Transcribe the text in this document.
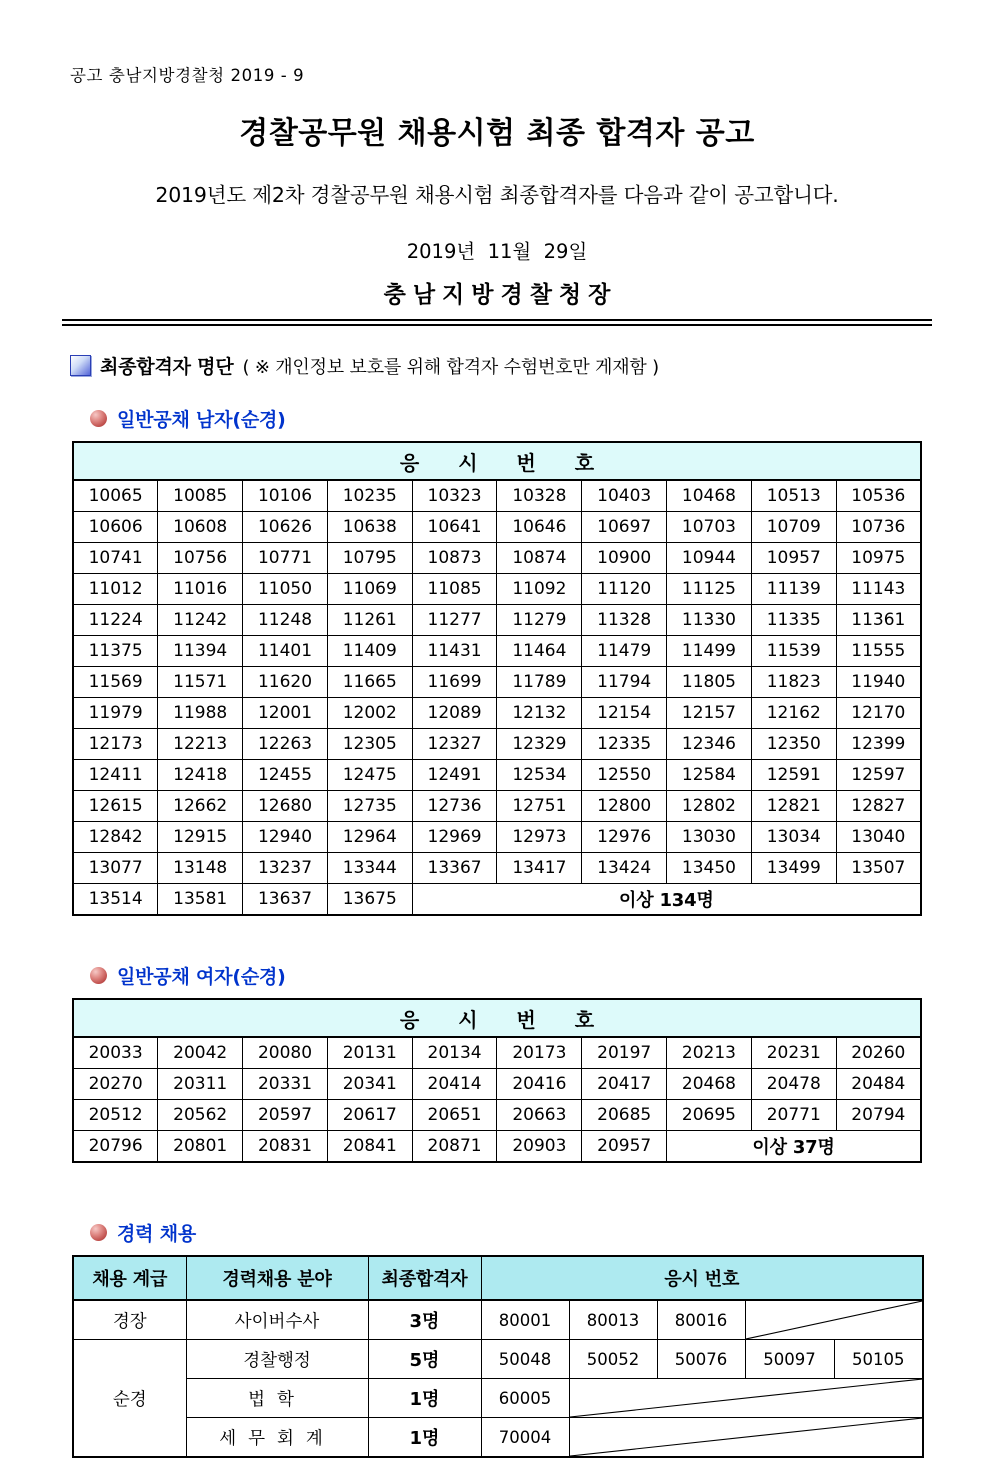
공고 충남지방경찰청 2019 - 9
경찰공무원 채용시험 최종 합격자 공고

2019년도 제2차 경찰공무원 채용시험 최종합격자를 다음과 같이 공고합니다.

2019년  11월  29일
충남지방경찰청장
최종합격자 명단 ( ※ 개인정보 보호를 위해 합격자 수험번호만 게재함 )
일반공채 남자(순경)
응 시 번 호									
10065	10085	10106	10235	10323	10328	10403	10468	10513	10536
10606	10608	10626	10638	10641	10646	10697	10703	10709	10736
10741	10756	10771	10795	10873	10874	10900	10944	10957	10975
11012	11016	11050	11069	11085	11092	11120	11125	11139	11143
11224	11242	11248	11261	11277	11279	11328	11330	11335	11361
11375	11394	11401	11409	11431	11464	11479	11499	11539	11555
11569	11571	11620	11665	11699	11789	11794	11805	11823	11940
11979	11988	12001	12002	12089	12132	12154	12157	12162	12170
12173	12213	12263	12305	12327	12329	12335	12346	12350	12399
12411	12418	12455	12475	12491	12534	12550	12584	12591	12597
12615	12662	12680	12735	12736	12751	12800	12802	12821	12827
12842	12915	12940	12964	12969	12973	12976	13030	13034	13040
13077	13148	13237	13344	13367	13417	13424	13450	13499	13507
13514	13581	13637	13675	이상 134명					
일반공채 여자(순경)
응 시 번 호									
20033	20042	20080	20131	20134	20173	20197	20213	20231	20260
20270	20311	20331	20341	20414	20416	20417	20468	20478	20484
20512	20562	20597	20617	20651	20663	20685	20695	20771	20794
20796	20801	20831	20841	20871	20903	20957	이상 37명		
경력 채용
채용 계급	경력채용 분야	최종합격자	응시 번호				
경장	사이버수사	3명	80001	80013	80016	

순경	경찰행정	5명	50048	50052	50076	50097	50105
	법학	1명	60005	

	세무회계	1명	70004	
